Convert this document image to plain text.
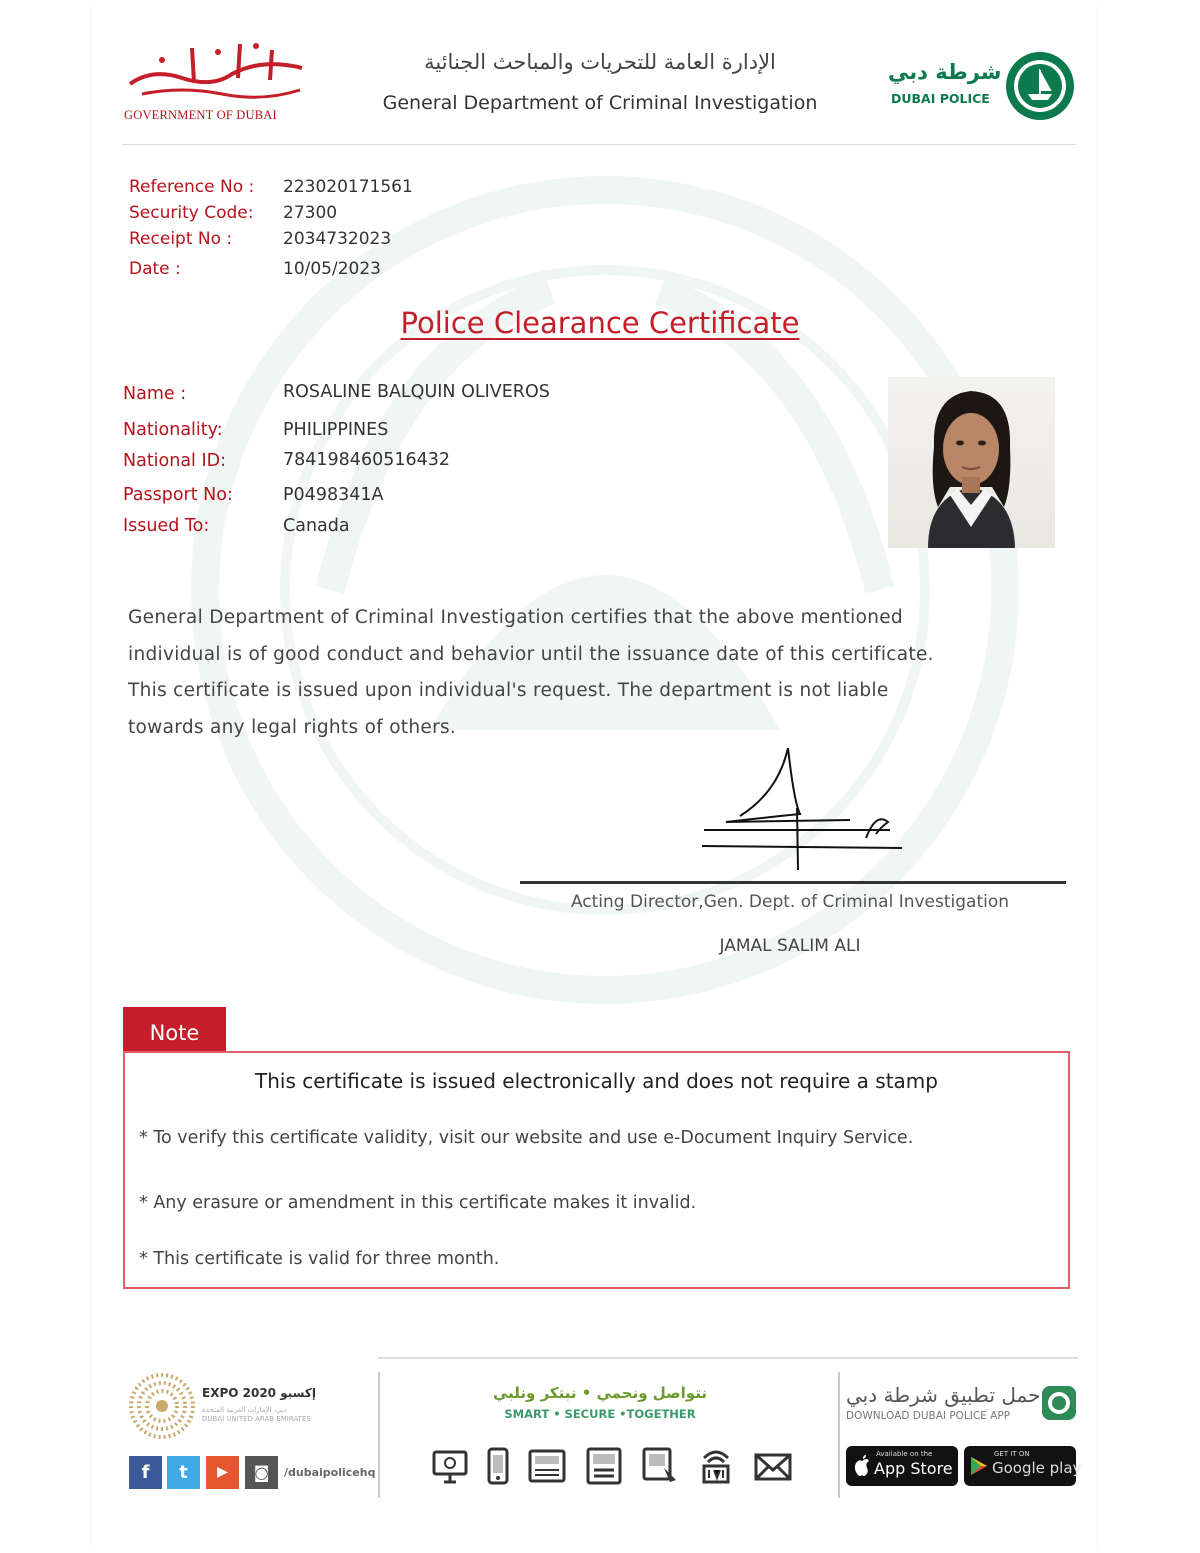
GOVERNMENT OF DUBAI
الإدارة العامة للتحريات والمباحث الجنائية
General Department of Criminal Investigation
شرطة دبي
DUBAI POLICE
Reference No : 223020171561
Security Code: 27300
Receipt No :	2034732023
Date :	10/05/2023
Police Clearance Certificate
Name :	ROSALINE BALQUIN OLIVEROS
Nationality:	PHILIPPINES
National ID:	784198460516432
Passport No:	P0498341A
Issued To:	Canada

General Department of Criminal Investigation certifies that the above mentioned

individual is of good conduct and behavior until the issuance date of this certificate.

This certificate is issued upon individual's request. The department is not liable

towards any legal rights of others.

Acting Director,Gen. Dept. of Criminal Investigation
JAMAL SALIM ALI
Note
This certificate is issued electronically and does not require a stamp
* To verify this certificate validity, visit our website and use e-Document Inquiry Service.
* Any erasure or amendment in this certificate makes it invalid.
* This certificate is valid for three month.
EXPO 2020 إكسبو
دبي، الإمارات العربية المتحدة
DUBAI UNITED ARAB EMIRATES
f	t	▶	◙	/dubaipolicehq
نتواصل ونحمي • نبتكر ونلبي
SMART • SECURE •TOGETHER
حمل تطبيق شرطة دبي
DOWNLOAD DUBAI POLICE APP
Available on the
App Store
GET IT ON
Google play
